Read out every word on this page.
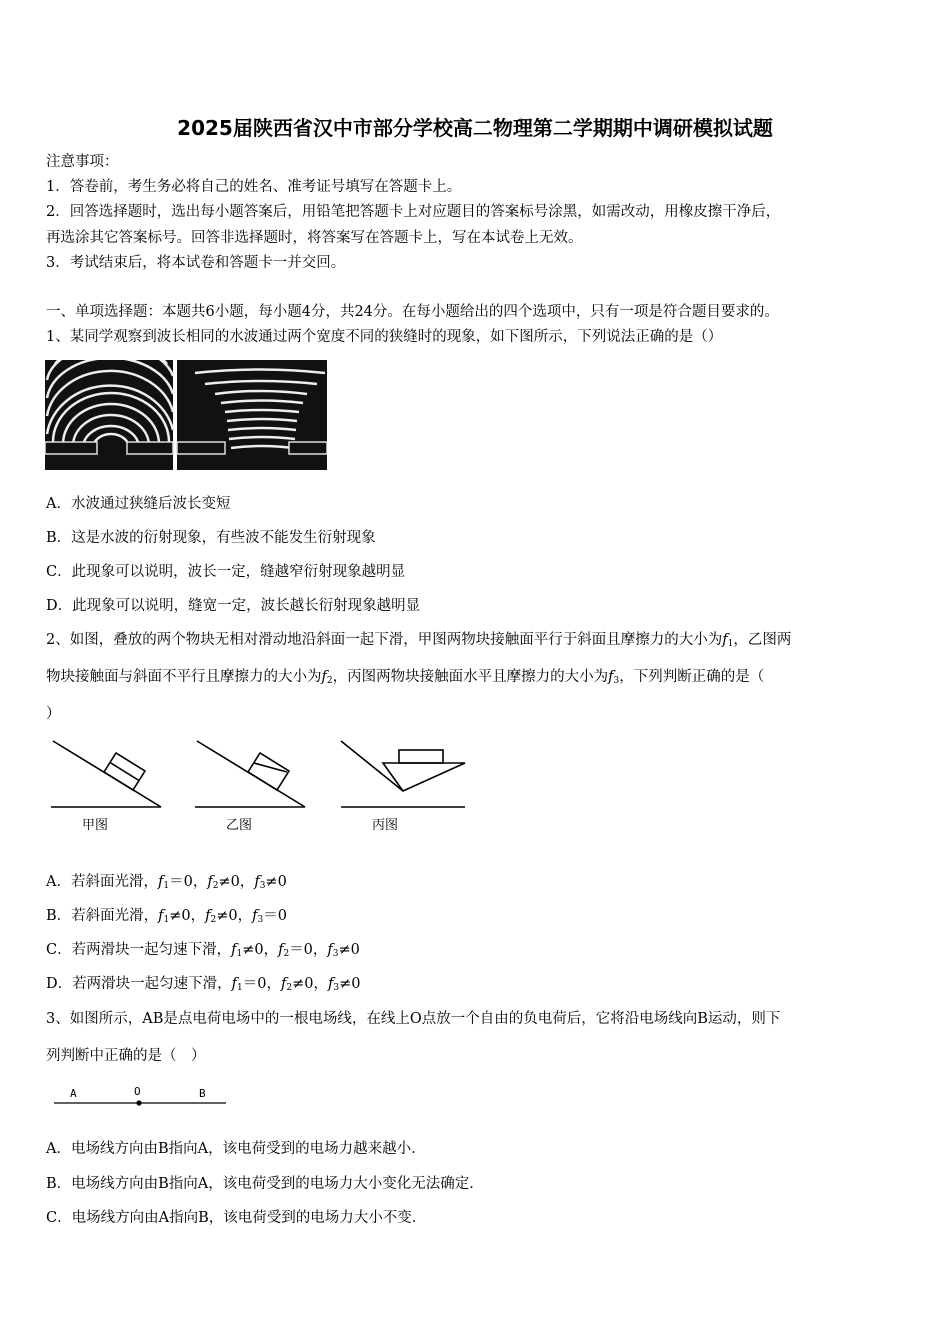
2025届陕西省汉中市部分学校高二物理第二学期期中调研模拟试题
注意事项：
1．答卷前，考生务必将自己的姓名、准考证号填写在答题卡上。
2．回答选择题时，选出每小题答案后，用铅笔把答题卡上对应题目的答案标号涂黑，如需改动，用橡皮擦干净后，
再选涂其它答案标号。回答非选择题时，将答案写在答题卡上，写在本试卷上无效。
3．考试结束后，将本试卷和答题卡一并交回。
一、单项选择题：本题共6小题，每小题4分，共24分。在每小题给出的四个选项中，只有一项是符合题目要求的。
1、某同学观察到波长相同的水波通过两个宽度不同的狭缝时的现象，如下图所示，下列说法正确的是（）
A．水波通过狭缝后波长变短
B．这是水波的衍射现象，有些波不能发生衍射现象
C．此现象可以说明，波长一定，缝越窄衍射现象越明显
D．此现象可以说明，缝宽一定，波长越长衍射现象越明显
2、如图，叠放的两个物块无相对滑动地沿斜面一起下滑，甲图两物块接触面平行于斜面且摩擦力的大小为$f_1$，乙图两
物块接触面与斜面不平行且摩擦力的大小为$f_2$，丙图两物块接触面水平且摩擦力的大小为$f_3$，下列判断正确的是（
）
甲图	乙图	丙图
A．若斜面光滑，$f_1=0$，$f_2\ne 0$，$f_3\ne 0$
B．若斜面光滑，$f_1\ne 0$，$f_2\ne 0$，$f_3=0$
C．若两滑块一起匀速下滑，$f_1\ne 0$，$f_2=0$，$f_3\ne 0$
D．若两滑块一起匀速下滑，$f_1=0$，$f_2\ne 0$，$f_3\ne 0$
3、如图所示，AB是点电荷电场中的一根电场线，在线上O点放一个自由的负电荷后，它将沿电场线向B运动，则下
列判断中正确的是（　）
A	O	B
A．电场线方向由B指向A，该电荷受到的电场力越来越小．
B．电场线方向由B指向A，该电荷受到的电场力大小变化无法确定．
C．电场线方向由A指向B，该电荷受到的电场力大小不变．
